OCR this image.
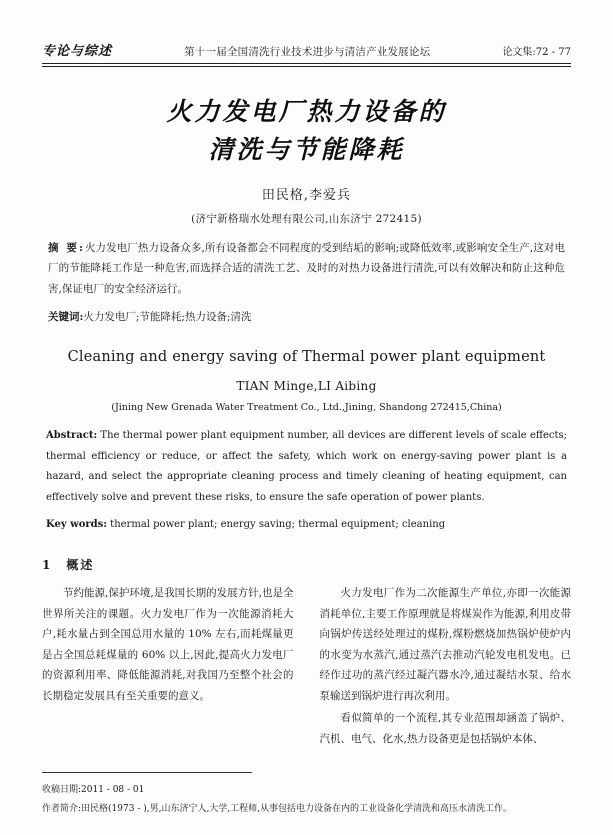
专论与综述	第十一届全国清洗行业技术进步与清洁产业发展论坛	论文集:72 - 77
火力发电厂热力设备的
清洗与节能降耗
田民格,李爱兵
(济宁新格瑞水处理有限公司,山东济宁 272415)
摘 要:火力发电厂热力设备众多,所有设备都会不同程度的受到结垢的影响;或降低效率,或影响安全生产,这对电厂的节能降耗工作是一种危害,而选择合适的清洗工艺、及时的对热力设备进行清洗,可以有效解决和防止这种危害,保证电厂的安全经济运行。
关键词:火力发电厂;节能降耗;热力设备;清洗
Cleaning and energy saving of Thermal power plant equipment
TIAN Minge,LI Aibing
(Jining New Grenada Water Treatment Co., Ltd.,Jining, Shandong 272415,China)
Abstract: The thermal power plant equipment number, all devices are different levels of scale effects; thermal efficiency or reduce, or affect the safety, which work on energy-saving power plant is a hazard, and select the appropriate cleaning process and timely cleaning of heating equipment, can effectively solve and prevent these risks, to ensure the safe operation of power plants.
Key words: thermal power plant; energy saving; thermal equipment; cleaning
1 概述

节约能源,保护环境,是我国长期的发展方针,也是全世界所关注的课题。火力发电厂作为一次能源消耗大户,耗水量占到全国总用水量的 10% 左右,而耗煤量更是占全国总耗煤量的 60% 以上,因此,提高火力发电厂的资源利用率、降低能源消耗,对我国乃至整个社会的长期稳定发展具有至关重要的意义。

火力发电厂作为二次能源生产单位,亦即一次能源消耗单位,主要工作原理就是将煤炭作为能源,利用皮带向锅炉传送经处理过的煤粉,煤粉燃烧加热锅炉使炉内的水变为水蒸汽,通过蒸汽去推动汽轮发电机发电。已经作过功的蒸汽经过凝汽器水冷,通过凝结水泵、给水泵输送到锅炉进行再次利用。

看似简单的一个流程,其专业范围却涵盖了锅炉、汽机、电气、化水,热力设备更是包括锅炉本体、

收稿日期:2011 - 08 - 01
作者简介:田民格(1973 - ),男,山东济宁人,大学,工程师,从事包括电力设备在内的工业设备化学清洗和高压水清洗工作。
